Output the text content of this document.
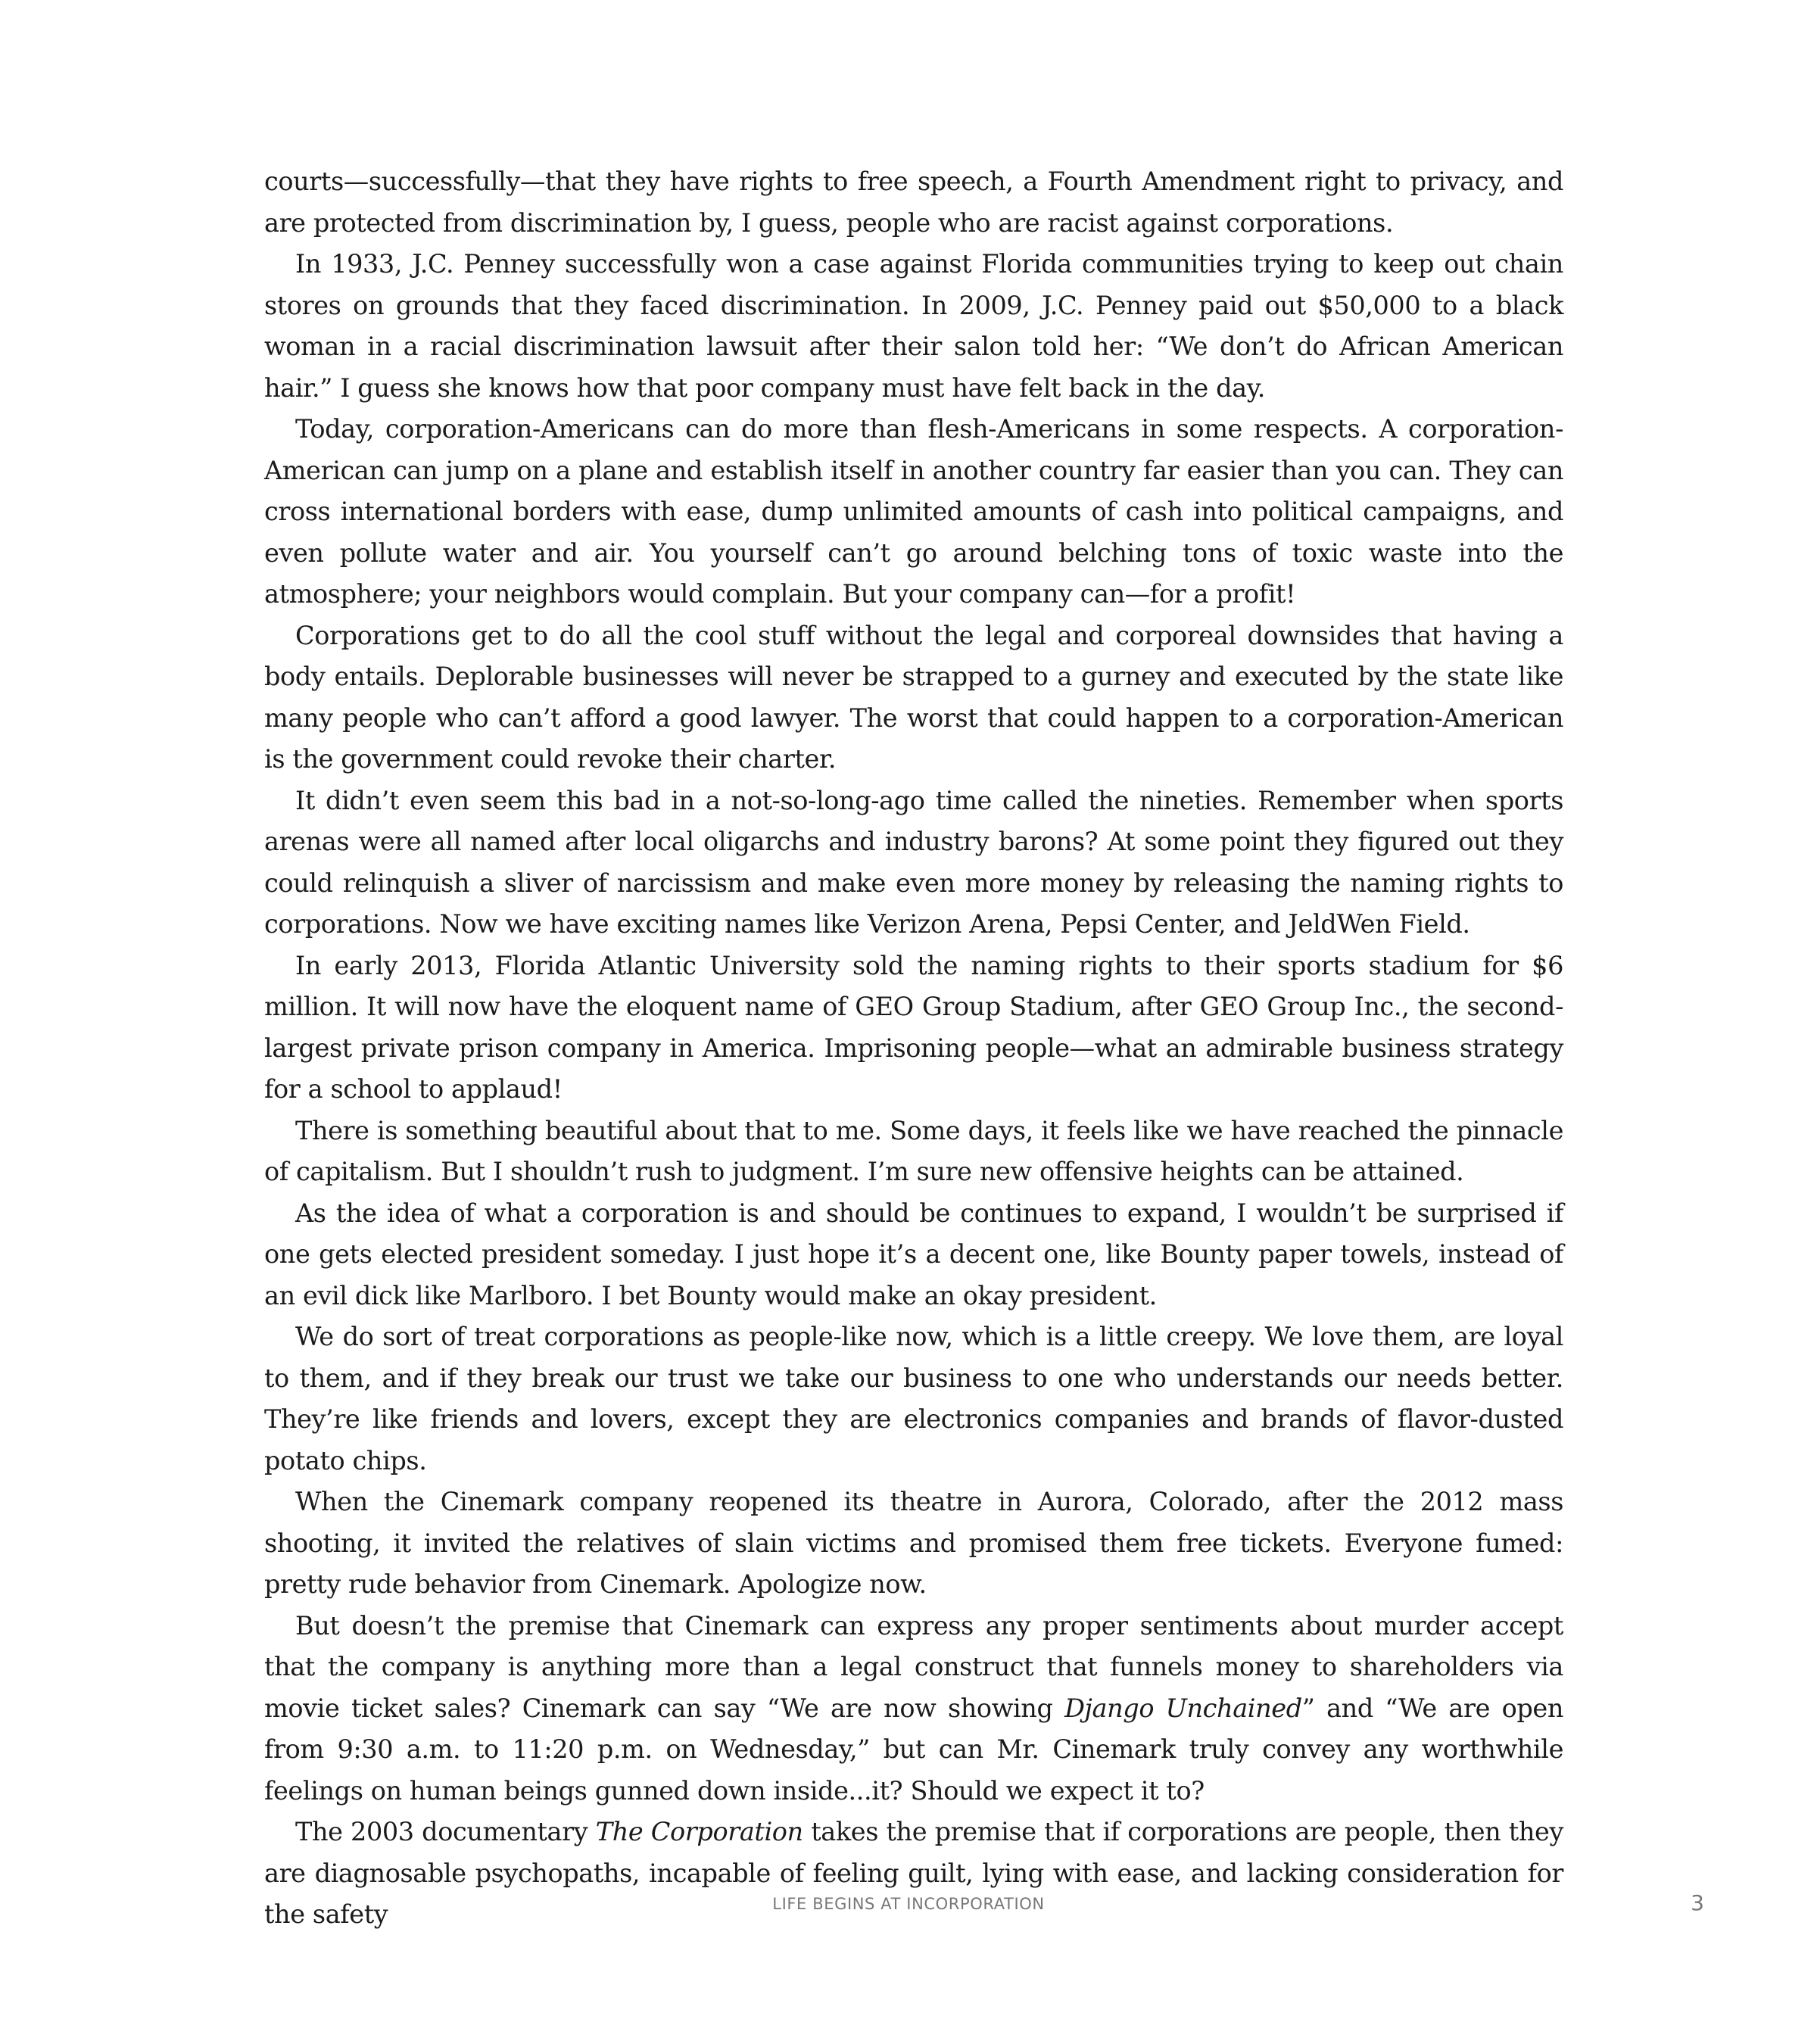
courts—successfully—that they have rights to free speech, a Fourth Amendment right to privacy, and are protected from discrimination by, I guess, people who are racist against corporations.

In 1933, J.C. Penney successfully won a case against Florida communities trying to keep out chain stores on grounds that they faced discrimination. In 2009, J.C. Penney paid out $50,000 to a black woman in a racial discrimination lawsuit after their salon told her: “We don’t do African American hair.” I guess she knows how that poor company must have felt back in the day.

Today, corporation-Americans can do more than flesh-Americans in some respects. A corporation-American can jump on a plane and establish itself in another country far easier than you can. They can cross international borders with ease, dump unlimited amounts of cash into political campaigns, and even pollute water and air. You yourself can’t go around belching tons of toxic waste into the atmosphere; your neighbors would complain. But your company can—for a profit!

Corporations get to do all the cool stuff without the legal and corporeal downsides that having a body entails. Deplorable businesses will never be strapped to a gurney and executed by the state like many people who can’t afford a good lawyer. The worst that could happen to a corporation-American is the government could revoke their charter.

It didn’t even seem this bad in a not-so-long-ago time called the nineties. Remember when sports arenas were all named after local oligarchs and industry barons? At some point they figured out they could relinquish a sliver of narcissism and make even more money by releasing the naming rights to corporations. Now we have exciting names like Verizon Arena, Pepsi Center, and JeldWen Field.

In early 2013, Florida Atlantic University sold the naming rights to their sports stadium for $6 million. It will now have the eloquent name of GEO Group Stadium, after GEO Group Inc., the second-largest private prison company in America. Imprisoning people—what an admirable business strategy for a school to applaud!

There is something beautiful about that to me. Some days, it feels like we have reached the pinnacle of capitalism. But I shouldn’t rush to judgment. I’m sure new offensive heights can be attained.

As the idea of what a corporation is and should be continues to expand, I wouldn’t be surprised if one gets elected president someday. I just hope it’s a decent one, like Bounty paper towels, instead of an evil dick like Marlboro. I bet Bounty would make an okay president.

We do sort of treat corporations as people-like now, which is a little creepy. We love them, are loyal to them, and if they break our trust we take our business to one who understands our needs better. They’re like friends and lovers, except they are electronics companies and brands of flavor-dusted potato chips.

When the Cinemark company reopened its theatre in Aurora, Colorado, after the 2012 mass shooting, it invited the relatives of slain victims and promised them free tickets. Everyone fumed: pretty rude behavior from Cinemark. Apologize now.

But doesn’t the premise that Cinemark can express any proper sentiments about murder accept that the company is anything more than a legal construct that funnels money to shareholders via movie ticket sales? Cinemark can say “We are now showing Django Unchained” and “We are open from 9:30 a.m. to 11:20 p.m. on Wednesday,” but can Mr. Cinemark truly convey any worthwhile feelings on human beings gunned down inside...it? Should we expect it to?

The 2003 documentary The Corporation takes the premise that if corporations are people, then they are diagnosable psychopaths, incapable of feeling guilt, lying with ease, and lacking consideration for the safety	LIFE BEGINS AT INCORPORATION	3
